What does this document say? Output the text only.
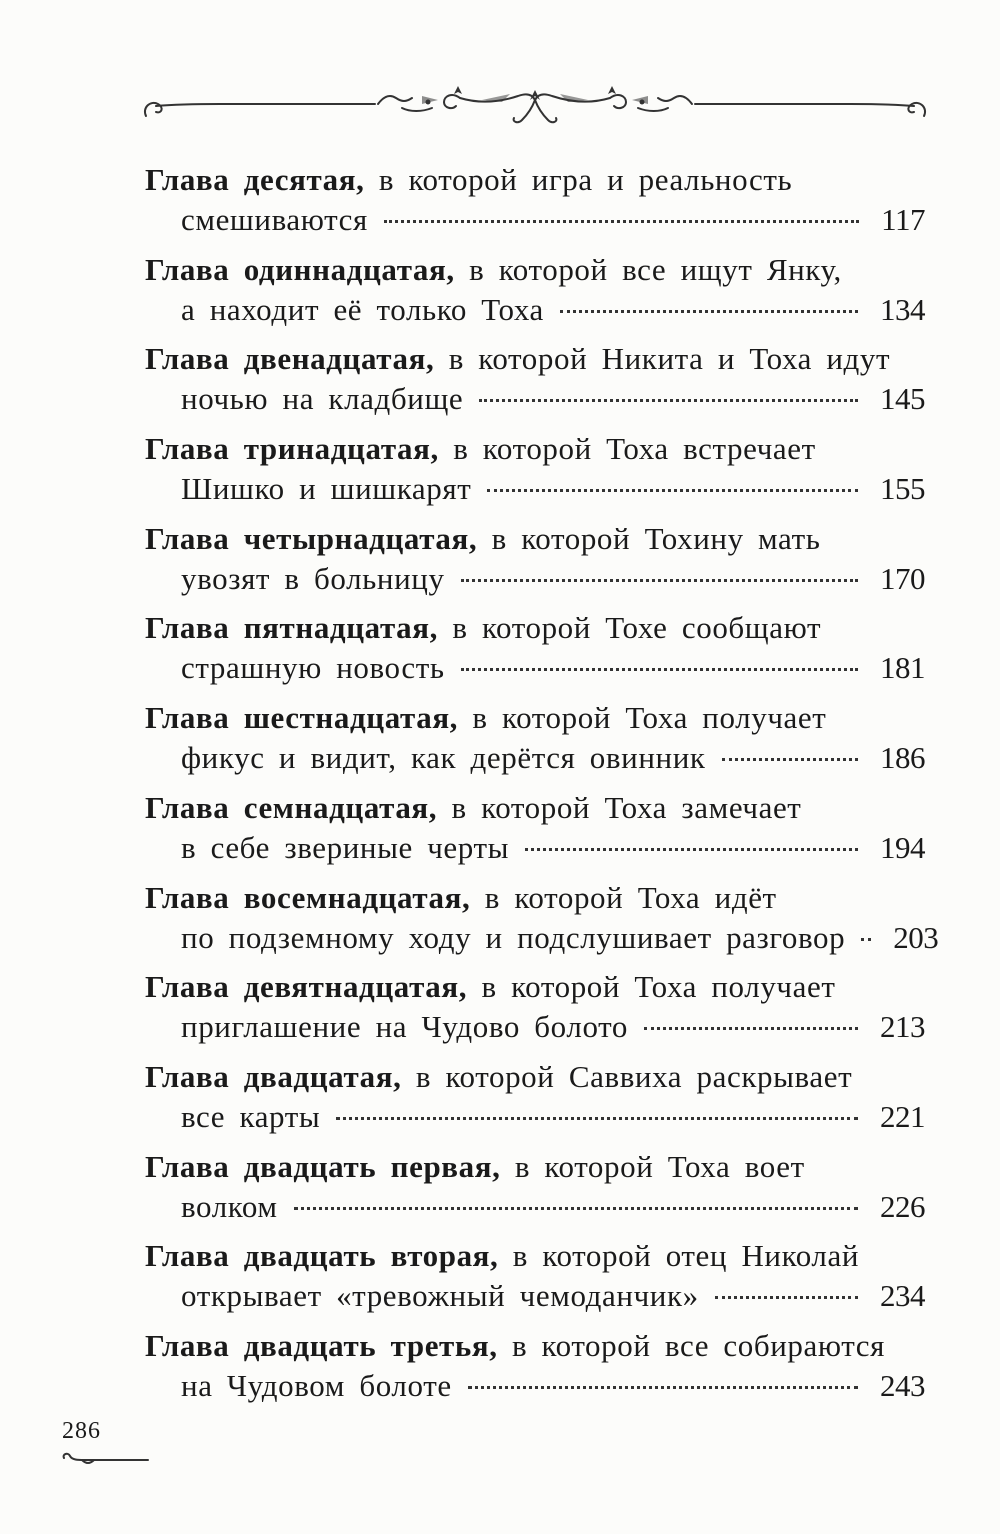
Глава десятая, в которой игра и реальность
смешиваются	117
Глава одиннадцатая, в которой все ищут Янку,
а находит её только Тоха	134
Глава двенадцатая, в которой Никита и Тоха идут
ночью на кладбище	145
Глава тринадцатая, в которой Тоха встречает
Шишко и шишкарят	155
Глава четырнадцатая, в которой Тохину мать
увозят в больницу	170
Глава пятнадцатая, в которой Тохе сообщают
страшную новость	181
Глава шестнадцатая, в которой Тоха получает
фикус и видит, как дерётся овинник	186
Глава семнадцатая, в которой Тоха замечает
в себе звериные черты	194
Глава восемнадцатая, в которой Тоха идёт
по подземному ходу и подслушивает разговор 203
Глава девятнадцатая, в которой Тоха получает
приглашение на Чудово болото	213
Глава двадцатая, в которой Саввиха раскрывает
все карты	221
Глава двадцать первая, в которой Тоха воет
волком	226
Глава двадцать вторая, в которой отец Николай
открывает «тревожный чемоданчик»	234
Глава двадцать третья, в которой все собираются
на Чудовом болоте	243
286
